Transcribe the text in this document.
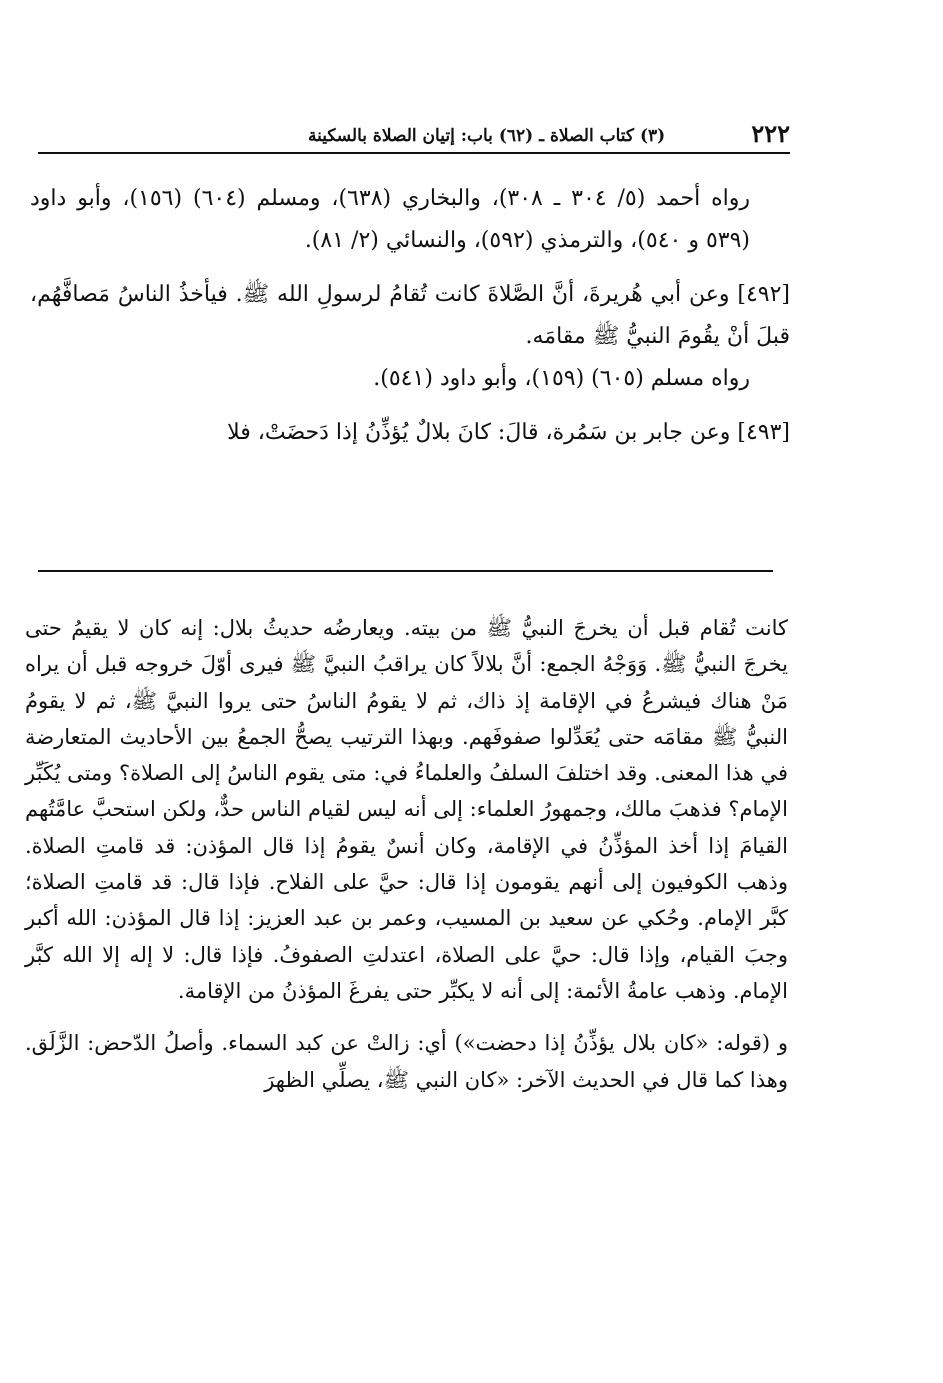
٢٢٢
(٣) كتاب الصلاة ـ (٦٢) باب: إتيان الصلاة بالسكينة

رواه أحمد (٥/ ٣٠٤ ـ ٣٠٨)، والبخاري (٦٣٨)، ومسلم (٦٠٤) (١٥٦)، وأبو داود (٥٣٩ و ٥٤٠)، والترمذي (٥٩٢)، والنسائي (٢/ ٨١).

[٤٩٢] وعن أبي هُريرةَ، أنَّ الصَّلاةَ كانت تُقامُ لرسولِ الله ﷺ. فيأخذُ الناسُ مَصافَّهُم، قبلَ أنْ يقُومَ النبيُّ ﷺ مقامَه.

رواه مسلم (٦٠٥) (١٥٩)، وأبو داود (٥٤١).

[٤٩٣] وعن جابر بن سَمُرة، قالَ: كانَ بلالٌ يُؤذِّنُ إذا دَحضَتْ، فلا

كانت تُقام قبل أن يخرجَ النبيُّ ﷺ من بيته. ويعارضُه حديثُ بلال: إنه كان لا يقيمُ حتى يخرجَ النبيُّ ﷺ. وَوَجْهُ الجمع: أنَّ بلالاً كان يراقبُ النبيَّ ﷺ فيرى أوّلَ خروجه قبل أن يراه مَنْ هناك فيشرعُ في الإقامة إذ ذاك، ثم لا يقومُ الناسُ حتى يروا النبيَّ ﷺ، ثم لا يقومُ النبيُّ ﷺ مقامَه حتى يُعَدِّلوا صفوفَهم. وبهذا الترتيب يصحُّ الجمعُ بين الأحاديث المتعارضة في هذا المعنى. وقد اختلفَ السلفُ والعلماءُ في: متى يقوم الناسُ إلى الصلاة؟ ومتى يُكَبِّر الإمام؟ فذهبَ مالك، وجمهورُ العلماء: إلى أنه ليس لقيام الناس حدٌّ، ولكن استحبَّ عامَّتُهم القيامَ إذا أخذ المؤذِّنُ في الإقامة، وكان أنسٌ يقومُ إذا قال المؤذن: قد قامتِ الصلاة. وذهب الكوفيون إلى أنهم يقومون إذا قال: حيَّ على الفلاح. فإذا قال: قد قامتِ الصلاة؛ كبَّر الإمام. وحُكي عن سعيد بن المسيب، وعمر بن عبد العزيز: إذا قال المؤذن: الله أكبر وجبَ القيام، وإذا قال: حيَّ على الصلاة، اعتدلتِ الصفوفُ. فإذا قال: لا إله إلا الله كبَّر الإمام. وذهب عامةُ الأئمة: إلى أنه لا يكبِّر حتى يفرغَ المؤذنُ من الإقامة.

و (قوله: «كان بلال يؤذِّنُ إذا دحضت») أي: زالتْ عن كبد السماء. وأصلُ الدّحض: الزَّلَق. وهذا كما قال في الحديث الآخر: «كان النبي ﷺ، يصلِّي الظهرَ
